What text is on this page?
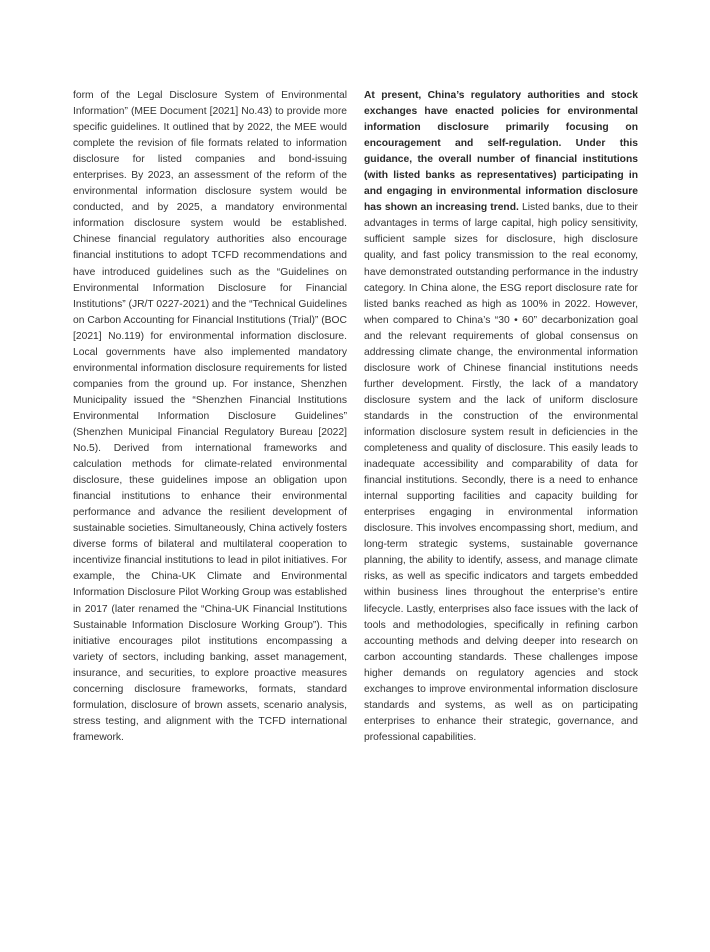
form of the Legal Disclosure System of Environmental Information” (MEE Document [2021] No.43) to provide more specific guidelines. It outlined that by 2022, the MEE would complete the revision of file formats related to information disclosure for listed companies and bond-issuing enterprises. By 2023, an assessment of the reform of the environmental information disclosure system would be conducted, and by 2025, a mandatory environmental information disclosure system would be established. Chinese financial regulatory authorities also encourage financial institutions to adopt TCFD recommendations and have introduced guidelines such as the “Guidelines on Environmental Information Disclosure for Financial Institutions” (JR/T 0227-2021) and the “Technical Guidelines on Carbon Accounting for Financial Institutions (Trial)” (BOC [2021] No.119) for environmental information disclosure. Local governments have also implemented mandatory environmental information disclosure requirements for listed companies from the ground up. For instance, Shenzhen Municipality issued the “Shenzhen Financial Institutions Environmental Information Disclosure Guidelines” (Shenzhen Municipal Financial Regulatory Bureau [2022] No.5). Derived from international frameworks and calculation methods for climate-related environmental disclosure, these guidelines impose an obligation upon financial institutions to enhance their environmental performance and advance the resilient development of sustainable societies. Simultaneously, China actively fosters diverse forms of bilateral and multilateral cooperation to incentivize financial institutions to lead in pilot initiatives. For example, the China-UK Climate and Environmental Information Disclosure Pilot Working Group was established in 2017 (later renamed the “China-UK Financial Institutions Sustainable Information Disclosure Working Group”). This initiative encourages pilot institutions encompassing a variety of sectors, including banking, asset management, insurance, and securities, to explore proactive measures concerning disclosure frameworks, formats, standard formulation, disclosure of brown assets, scenario analysis, stress testing, and alignment with the TCFD international framework.

At present, China’s regulatory authorities and stock exchanges have enacted policies for environmental information disclosure primarily focusing on encouragement and self-regulation. Under this guidance, the overall number of financial institutions (with listed banks as representatives) participating in and engaging in environmental information disclosure has shown an increasing trend. Listed banks, due to their advantages in terms of large capital, high policy sensitivity, sufficient sample sizes for disclosure, high disclosure quality, and fast policy transmission to the real economy, have demonstrated outstanding performance in the industry category. In China alone, the ESG report disclosure rate for listed banks reached as high as 100% in 2022. However, when compared to China’s “30 • 60” decarbonization goal and the relevant requirements of global consensus on addressing climate change, the environmental information disclosure work of Chinese financial institutions needs further development. Firstly, the lack of a mandatory disclosure system and the lack of uniform disclosure standards in the construction of the environmental information disclosure system result in deficiencies in the completeness and quality of disclosure. This easily leads to inadequate accessibility and comparability of data for financial institutions. Secondly, there is a need to enhance internal supporting facilities and capacity building for enterprises engaging in environmental information disclosure. This involves encompassing short, medium, and long-term strategic systems, sustainable governance planning, the ability to identify, assess, and manage climate risks, as well as specific indicators and targets embedded within business lines throughout the enterprise’s entire lifecycle. Lastly, enterprises also face issues with the lack of tools and methodologies, specifically in refining carbon accounting methods and delving deeper into research on carbon accounting standards. These challenges impose higher demands on regulatory agencies and stock exchanges to improve environmental information disclosure standards and systems, as well as on participating enterprises to enhance their strategic, governance, and professional capabilities.
